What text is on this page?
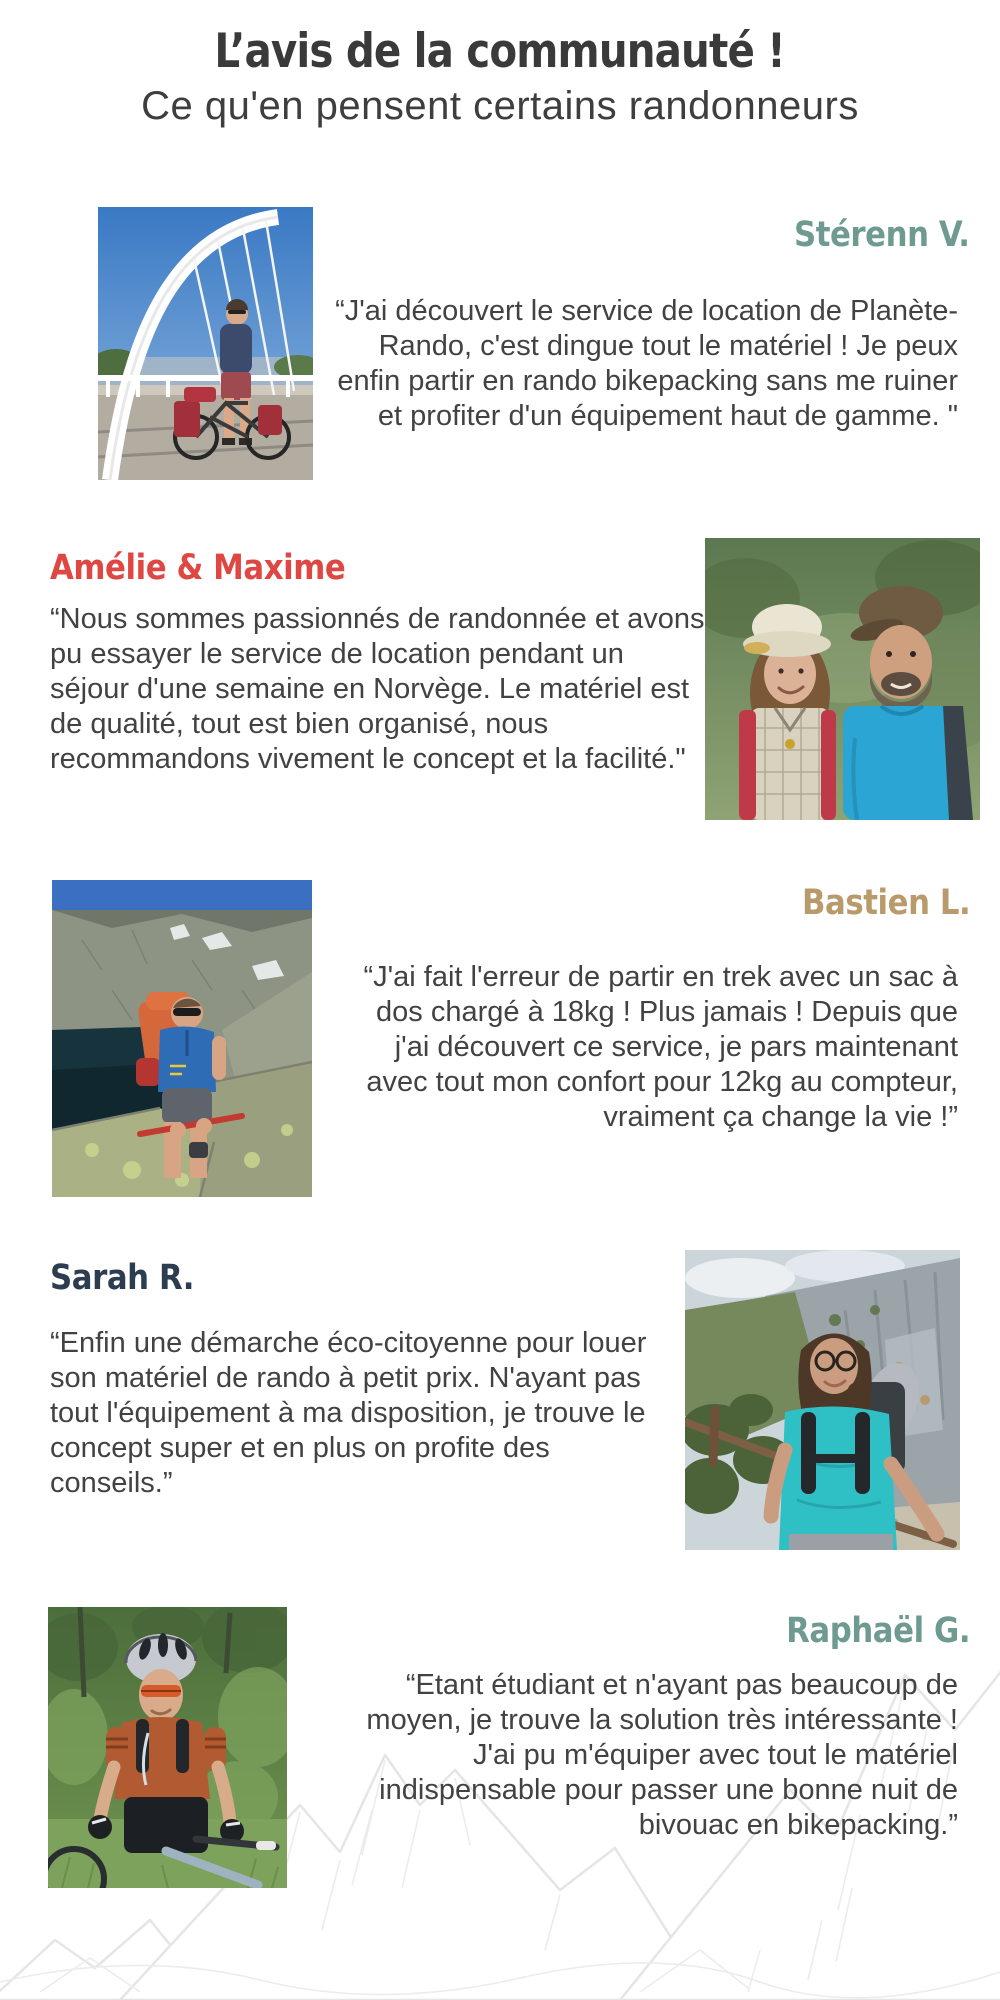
L’avis de la communauté !
Ce qu'en pensent certains randonneurs
Stérenn V.
“J'ai découvert le service de location de Planète-Rando, c'est dingue tout le matériel ! Je peux enfin partir en rando bikepacking sans me ruiner et profiter d'un équipement haut de gamme. "
Amélie & Maxime
“Nous sommes passionnés de randonnée et avons pu essayer le service de location pendant un séjour d'une semaine en Norvège. Le matériel est de qualité, tout est bien organisé, nous recommandons vivement le concept et la facilité."
Bastien L.
“J'ai fait l'erreur de partir en trek avec un sac à dos chargé à 18kg ! Plus jamais ! Depuis que j'ai découvert ce service, je pars maintenant avec tout mon confort pour 12kg au compteur, vraiment ça change la vie !”
Sarah R.
“Enfin une démarche éco-citoyenne pour louer son matériel de rando à petit prix. N'ayant pas tout l'équipement à ma disposition, je trouve le concept super et en plus on profite des conseils.”
Raphaël G.
“Etant étudiant et n'ayant pas beaucoup de moyen, je trouve la solution très intéressante ! J'ai pu m'équiper avec tout le matériel indispensable pour passer une bonne nuit de bivouac en bikepacking.”
